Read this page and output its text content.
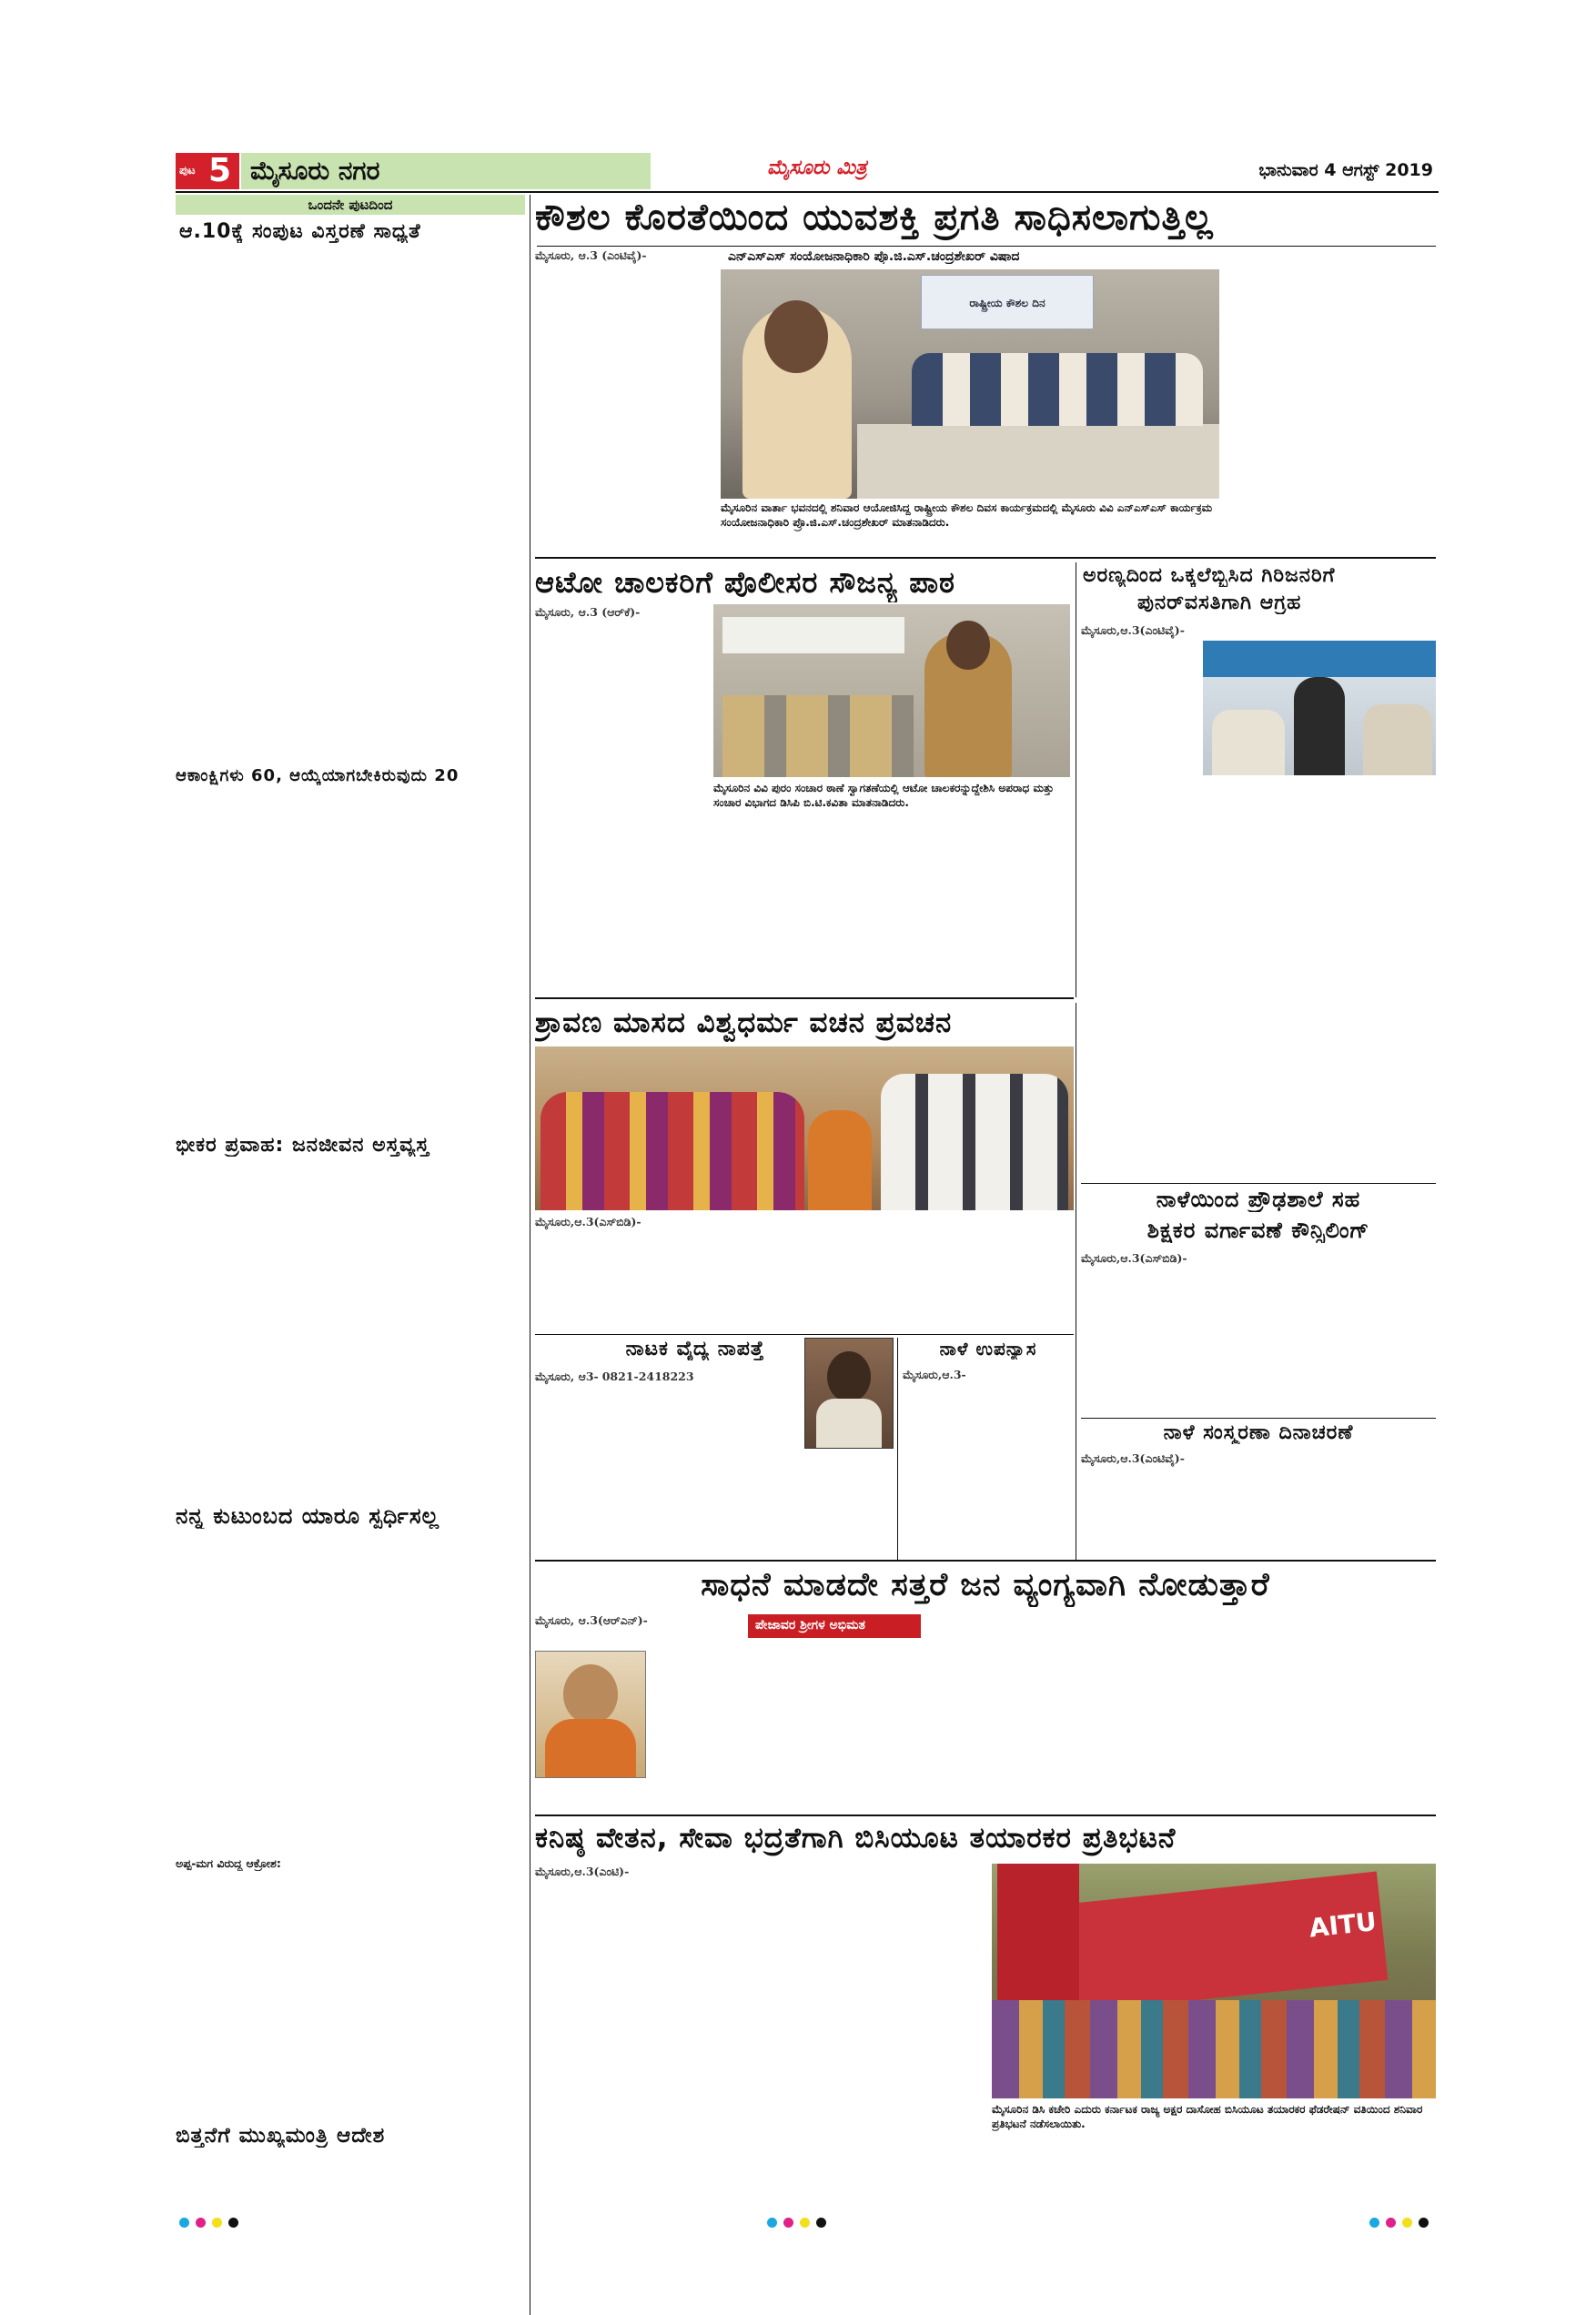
ಪುಟ 5 ಮೈಸೂರು ನಗರ	ಮೈಸೂರು ಮಿತ್ರ	ಭಾನುವಾರ 4 ಆಗಸ್ಟ್ 2019
ಒಂದನೇ ಪುಟದಿಂದ
ಆ.10ಕ್ಕೆ ಸಂಪುಟ ವಿಸ್ತರಣೆ ಸಾಧ್ಯತೆ
ಆಕಾಂಕ್ಷಿಗಳು 60, ಆಯ್ಕೆಯಾಗಬೇಕಿರುವುದು 20
ಭೀಕರ ಪ್ರವಾಹ: ಜನಜೀವನ ಅಸ್ತವ್ಯಸ್ತ
ನನ್ನ ಕುಟುಂಬದ ಯಾರೂ ಸ್ಪರ್ಧಿಸಲ್ಲ
ಅಪ್ಪ-ಮಗ ವಿರುದ್ಧ ಆಕ್ರೋಶ:
ಬಿತ್ತನೆಗೆ ಮುಖ್ಯಮಂತ್ರಿ ಆದೇಶ
ಕೌಶಲ ಕೊರತೆಯಿಂದ ಯುವಶಕ್ತಿ ಪ್ರಗತಿ ಸಾಧಿಸಲಾಗುತ್ತಿಲ್ಲ
ಎನ್‌ಎಸ್‌ಎಸ್ ಸಂಯೋಜನಾಧಿಕಾರಿ ಪ್ರೊ.ಜಿ.ಎಸ್.ಚಂದ್ರಶೇಖರ್ ವಿಷಾದ
ಮೈಸೂರು, ಆ.3 (ಎಂಟಿವೈ)-
ರಾಷ್ಟ್ರೀಯ ಕೌಶಲ ದಿನ
ಮೈಸೂರಿನ ವಾರ್ತಾ ಭವನದಲ್ಲಿ ಶನಿವಾರ ಆಯೋಜಿಸಿದ್ದ ರಾಷ್ಟ್ರೀಯ ಕೌಶಲ ದಿವಸ ಕಾರ್ಯಕ್ರಮದಲ್ಲಿ ಮೈಸೂರು ವಿವಿ ಎನ್‌ಎಸ್‌ಎಸ್ ಕಾರ್ಯಕ್ರಮ ಸಂಯೋಜನಾಧಿಕಾರಿ ಪ್ರೊ.ಜಿ.ಎಸ್.ಚಂದ್ರಶೇಖರ್ ಮಾತನಾಡಿದರು.
ಆಟೋ ಚಾಲಕರಿಗೆ ಪೊಲೀಸರ ಸೌಜನ್ಯ ಪಾಠ
ಮೈಸೂರು, ಆ.3 (ಆರ್‌ಕೆ)-
ಮೈಸೂರಿನ ವಿವಿ ಪುರಂ ಸಂಚಾರ ಠಾಣೆ ಸ್ವಾಗತಣೆಯಲ್ಲಿ ಆಟೋ ಚಾಲಕರನ್ನುದ್ದೇಶಿಸಿ ಅಪರಾಧ ಮತ್ತು ಸಂಚಾರ ವಿಭಾಗದ ಡಿಸಿಪಿ ಬಿ.ಟಿ.ಕವಿತಾ ಮಾತನಾಡಿದರು.
ಅರಣ್ಯದಿಂದ ಒಕ್ಕಲೆಬ್ಬಿಸಿದ ಗಿರಿಜನರಿಗೆ
ಪುನರ್‌ವಸತಿಗಾಗಿ ಆಗ್ರಹ
ಮೈಸೂರು,ಆ.3(ಎಂಟಿವೈ)-
ನಾಳೆಯಿಂದ ಪ್ರೌಢಶಾಲೆ ಸಹ
ಶಿಕ್ಷಕರ ವರ್ಗಾವಣೆ ಕೌನ್ಸಿಲಿಂಗ್
ಮೈಸೂರು,ಆ.3(ಎಸ್‌ಬಿಡಿ)-
ನಾಳೆ ಸಂಸ್ಮರಣಾ ದಿನಾಚರಣೆ
ಮೈಸೂರು,ಆ.3(ಎಂಟಿವೈ)-
ಶ್ರಾವಣ ಮಾಸದ ವಿಶ್ವಧರ್ಮ ವಚನ ಪ್ರವಚನ
ಮೈಸೂರು,ಆ.3(ಎಸ್‌ಬಿಡಿ)-
ನಾಟಕ ವೈದ್ಯ ನಾಪತ್ತೆ
ಮೈಸೂರು, ಆ3- 0821-2418223
ನಾಳೆ ಉಪನ್ಯಾಸ
ಮೈಸೂರು,ಆ.3-
ಸಾಧನೆ ಮಾಡದೇ ಸತ್ತರೆ ಜನ ವ್ಯಂಗ್ಯವಾಗಿ ನೋಡುತ್ತಾರೆ
ಮೈಸೂರು, ಆ.3(ಆರ್‌ಎನ್)-	ಪೇಜಾವರ ಶ್ರೀಗಳ ಅಭಿಮತ
ಕನಿಷ್ಠ ವೇತನ, ಸೇವಾ ಭದ್ರತೆಗಾಗಿ ಬಿಸಿಯೂಟ ತಯಾರಕರ ಪ್ರತಿಭಟನೆ
ಮೈಸೂರು,ಆ.3(ಎಂಟಿ)-
AITU
ಮೈಸೂರಿನ ಡಿಸಿ ಕಚೇರಿ ಎದುರು ಕರ್ನಾಟಕ ರಾಜ್ಯ ಅಕ್ಷರ ದಾಸೋಹ ಬಿಸಿಯೂಟ ತಯಾರಕರ ಫೆಡರೇಷನ್ ವತಿಯಿಂದ ಶನಿವಾರ ಪ್ರತಿಭಟನೆ ನಡೆಸಲಾಯಿತು.
